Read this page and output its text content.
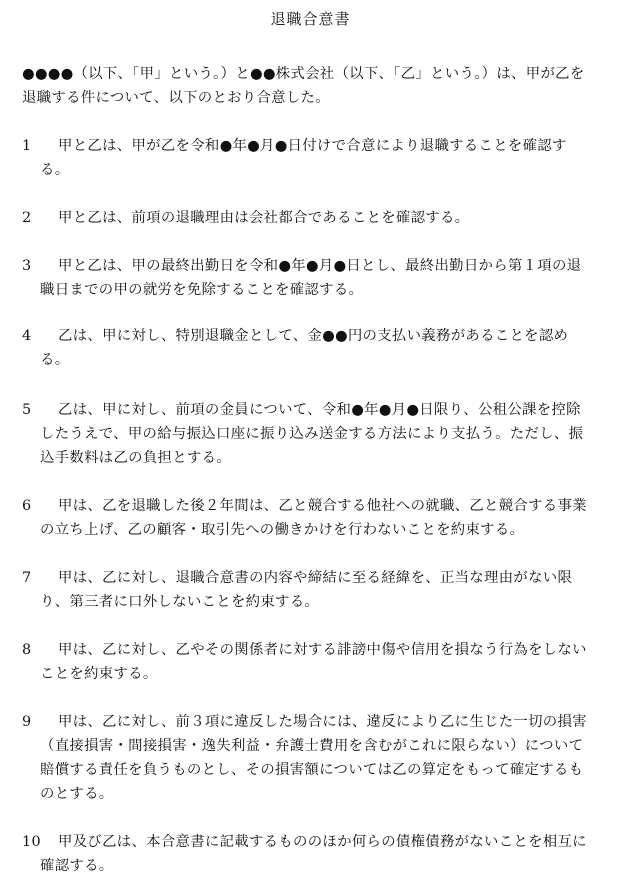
退職合意書
●●●●（以下、「甲」という。）と●●株式会社（以下、「乙」という。）は、甲が乙を退職する件について、以下のとおり合意した。
1	甲と乙は、甲が乙を令和●年●月●日付けで合意により退職することを確認する。
2	甲と乙は、前項の退職理由は会社都合であることを確認する。
3	甲と乙は、甲の最終出勤日を令和●年●月●日とし、最終出勤日から第１項の退職日までの甲の就労を免除することを確認する。
4	乙は、甲に対し、特別退職金として、金●●円の支払い義務があることを認める。
5	乙は、甲に対し、前項の金員について、令和●年●月●日限り、公租公課を控除したうえで、甲の給与振込口座に振り込み送金する方法により支払う。ただし、振込手数料は乙の負担とする。
6	甲は、乙を退職した後２年間は、乙と競合する他社への就職、乙と競合する事業の立ち上げ、乙の顧客・取引先への働きかけを行わないことを約束する。
7	甲は、乙に対し、退職合意書の内容や締結に至る経緯を、正当な理由がない限り、第三者に口外しないことを約束する。
8	甲は、乙に対し、乙やその関係者に対する誹謗中傷や信用を損なう行為をしないことを約束する。
9	甲は、乙に対し、前３項に違反した場合には、違反により乙に生じた一切の損害（直接損害・間接損害・逸失利益・弁護士費用を含むがこれに限らない）について賠償する責任を負うものとし、その損害額については乙の算定をもって確定するものとする。
10	甲及び乙は、本合意書に記載するもののほか何らの債権債務がないことを相互に確認する。
